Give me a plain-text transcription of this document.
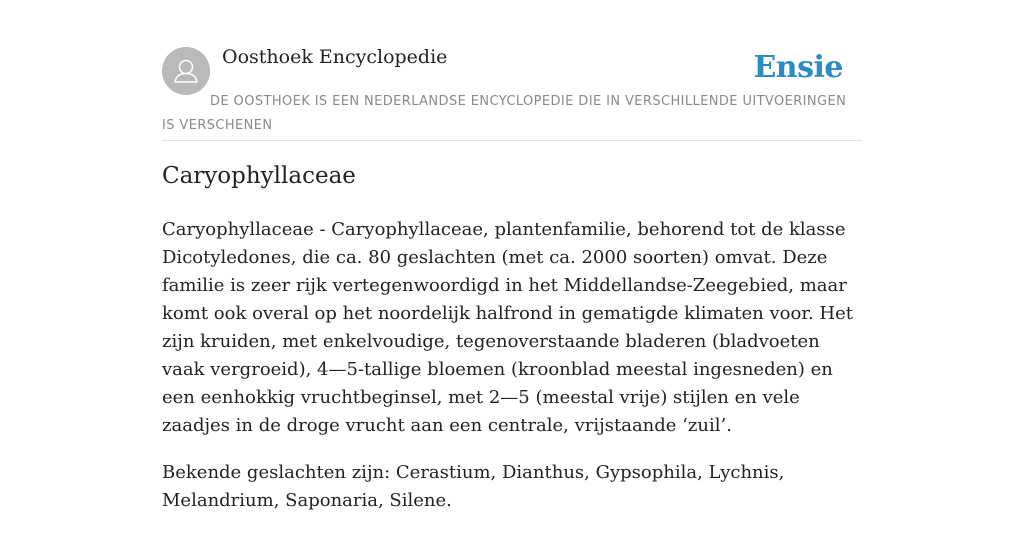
Oosthoek Encyclopedie	Ensie
DE OOSTHOEK IS EEN NEDERLANDSE ENCYCLOPEDIE DIE IN VERSCHILLENDE UITVOERINGEN IS VERSCHENEN
Caryophyllaceae

Caryophyllaceae - Caryophyllaceae, plantenfamilie, behorend tot de klasse Dicotyledones, die ca. 80 geslachten (met ca. 2000 soorten) omvat. Deze familie is zeer rijk vertegenwoordigd in het Middellandse-Zeegebied, maar komt ook overal op het noordelijk halfrond in gematigde klimaten voor. Het zijn kruiden, met enkelvoudige, tegenoverstaande bladeren (bladvoeten vaak vergroeid), 4—5-tallige bloemen (kroonblad meestal ingesneden) en een eenhokkig vruchtbeginsel, met 2—5 (meestal vrije) stijlen en vele zaadjes in de droge vrucht aan een centrale, vrijstaande ‘zuil’.

Bekende geslachten zijn: Cerastium, Dianthus, Gypsophila, Lychnis, Melandrium, Saponaria, Silene.
